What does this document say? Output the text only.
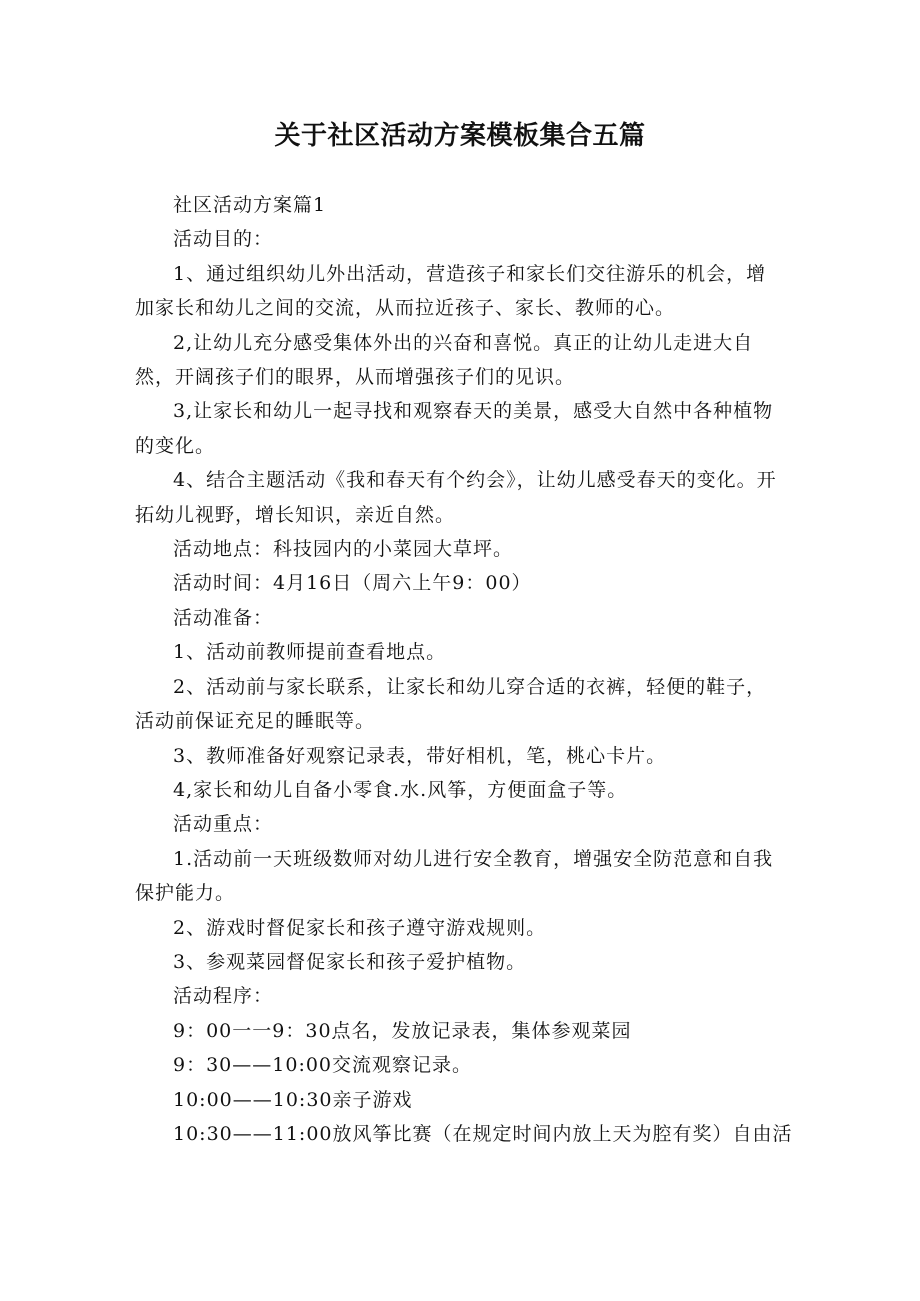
关于社区活动方案模板集合五篇

社区活动方案篇1

活动目的：

1、通过组织幼儿外出活动，营造孩子和家长们交往游乐的机会，增加家长和幼儿之间的交流，从而拉近孩子、家长、教师的心。

2,让幼儿充分感受集体外出的兴奋和喜悦。真正的让幼儿走进大自然，开阔孩子们的眼界，从而增强孩子们的见识。

3,让家长和幼儿一起寻找和观察春天的美景，感受大自然中各种植物的变化。

4、结合主题活动《我和春天有个约会》，让幼儿感受春天的变化。开拓幼儿视野，增长知识，亲近自然。

活动地点：科技园内的小菜园大草坪。

活动时间：4月16日（周六上午9：00）

活动准备：

1、活动前教师提前查看地点。

2、活动前与家长联系，让家长和幼儿穿合适的衣裤，轻便的鞋子，活动前保证充足的睡眠等。

3、教师准备好观察记录表，带好相机，笔，桃心卡片。

4,家长和幼儿自备小零食.水.风筝，方便面盒子等。

活动重点：

1.活动前一天班级数师对幼儿进行安全教育，增强安全防范意和自我保护能力。

2、游戏时督促家长和孩子遵守游戏规则。

3、参观菜园督促家长和孩子爱护植物。

活动程序：

9：00一一9：30点名，发放记录表，集体参观菜园

9：30——10:00交流观察记录。

10:00——10:30亲子游戏

10:30——11:00放风筝比赛（在规定时间内放上天为腔有奖）自由活
